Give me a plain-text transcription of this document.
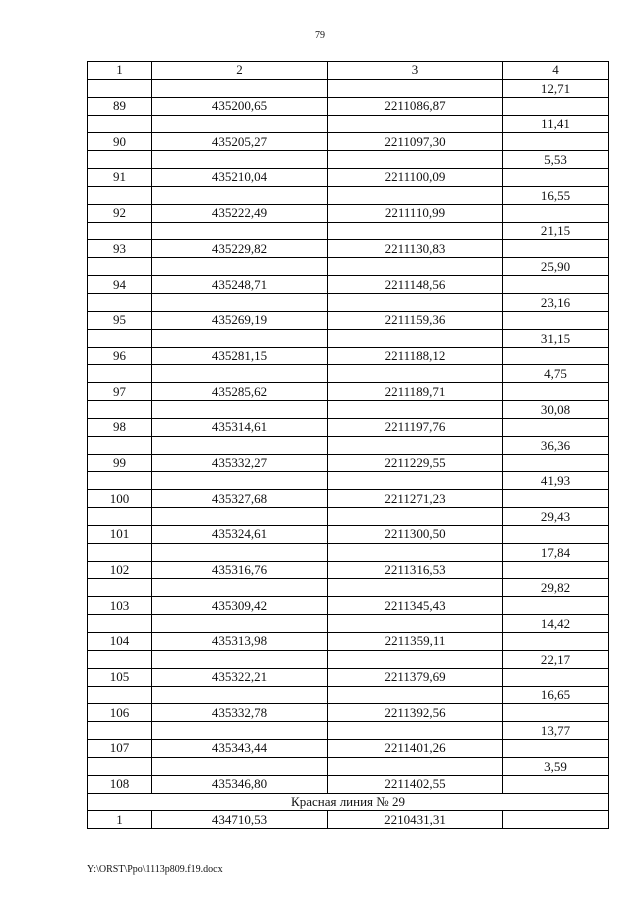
79
1	2	3	4
			12,71
89	435200,65	2211086,87	
			11,41
90	435205,27	2211097,30	
			5,53
91	435210,04	2211100,09	
			16,55
92	435222,49	2211110,99	
			21,15
93	435229,82	2211130,83	
			25,90
94	435248,71	2211148,56	
			23,16
95	435269,19	2211159,36	
			31,15
96	435281,15	2211188,12	
			4,75
97	435285,62	2211189,71	
			30,08
98	435314,61	2211197,76	
			36,36
99	435332,27	2211229,55	
			41,93
100	435327,68	2211271,23	
			29,43
101	435324,61	2211300,50	
			17,84
102	435316,76	2211316,53	
			29,82
103	435309,42	2211345,43	
			14,42
104	435313,98	2211359,11	
			22,17
105	435322,21	2211379,69	
			16,65
106	435332,78	2211392,56	
			13,77
107	435343,44	2211401,26	
			3,59
108	435346,80	2211402,55	
Красная линия № 29			
1	434710,53	2210431,31	
Y:\ORST\Ppo\1113p809.f19.docx
